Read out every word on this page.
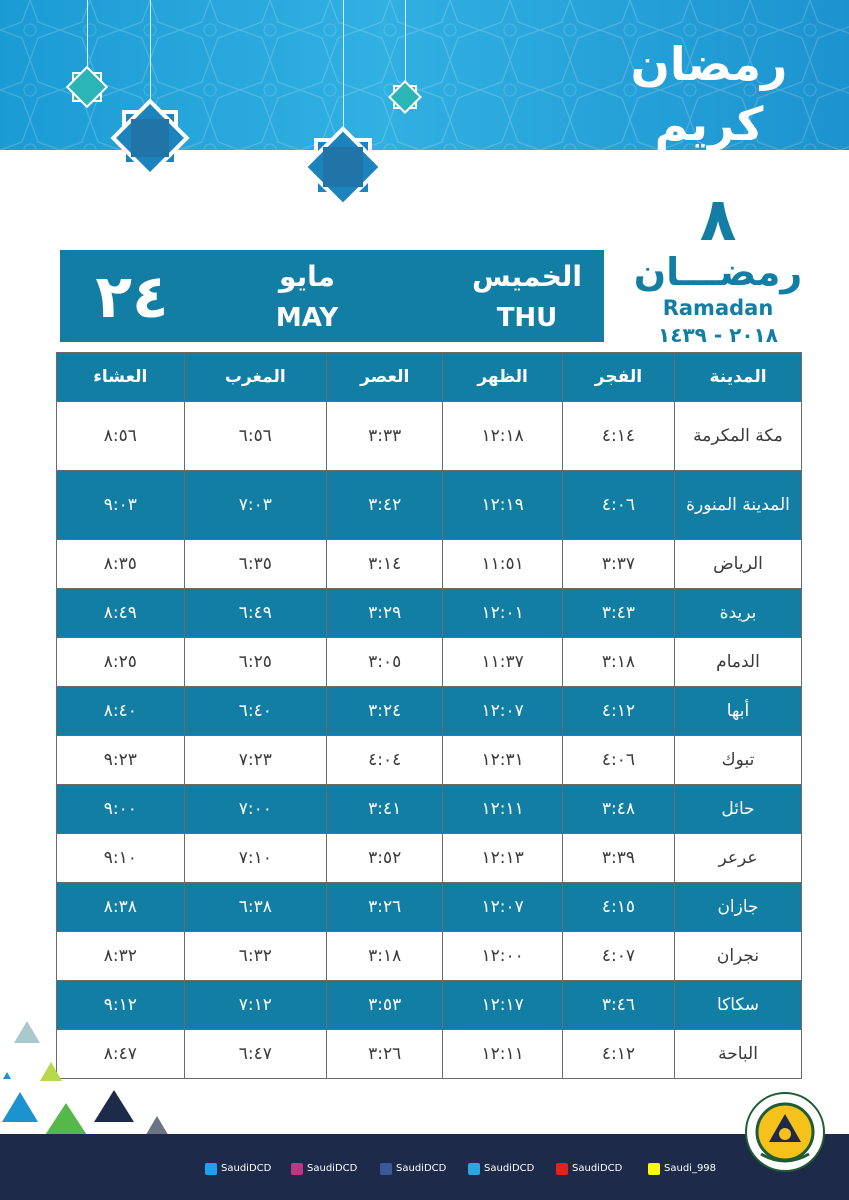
رمضان كريم
٢٤	مايو
MAY
الخميس
THU
٨
رمضـــان
Ramadan
٢٠١٨ - ١٤٣٩
المدينة	الفجر	الظهر	العصر	المغرب	العشاء
مكة المكرمة	٤:١٤	١٢:١٨	٣:٣٣	٦:٥٦	٨:٥٦
المدينة المنورة	٤:٠٦	١٢:١٩	٣:٤٢	٧:٠٣	٩:٠٣
الرياض	٣:٣٧	١١:٥١	٣:١٤	٦:٣٥	٨:٣٥
بريدة	٣:٤٣	١٢:٠١	٣:٢٩	٦:٤٩	٨:٤٩
الدمام	٣:١٨	١١:٣٧	٣:٠٥	٦:٢٥	٨:٢٥
أبها	٤:١٢	١٢:٠٧	٣:٢٤	٦:٤٠	٨:٤٠
تبوك	٤:٠٦	١٢:٣١	٤:٠٤	٧:٢٣	٩:٢٣
حائل	٣:٤٨	١٢:١١	٣:٤١	٧:٠٠	٩:٠٠
عرعر	٣:٣٩	١٢:١٣	٣:٥٢	٧:١٠	٩:١٠
جازان	٤:١٥	١٢:٠٧	٣:٢٦	٦:٣٨	٨:٣٨
نجران	٤:٠٧	١٢:٠٠	٣:١٨	٦:٣٢	٨:٣٢
سكاكا	٣:٤٦	١٢:١٧	٣:٥٣	٧:١٢	٩:١٢
الباحة	٤:١٢	١٢:١١	٣:٢٦	٦:٤٧	٨:٤٧
SaudiDCD	SaudiDCD	SaudiDCD	SaudiDCD	SaudiDCD	Saudi_998
